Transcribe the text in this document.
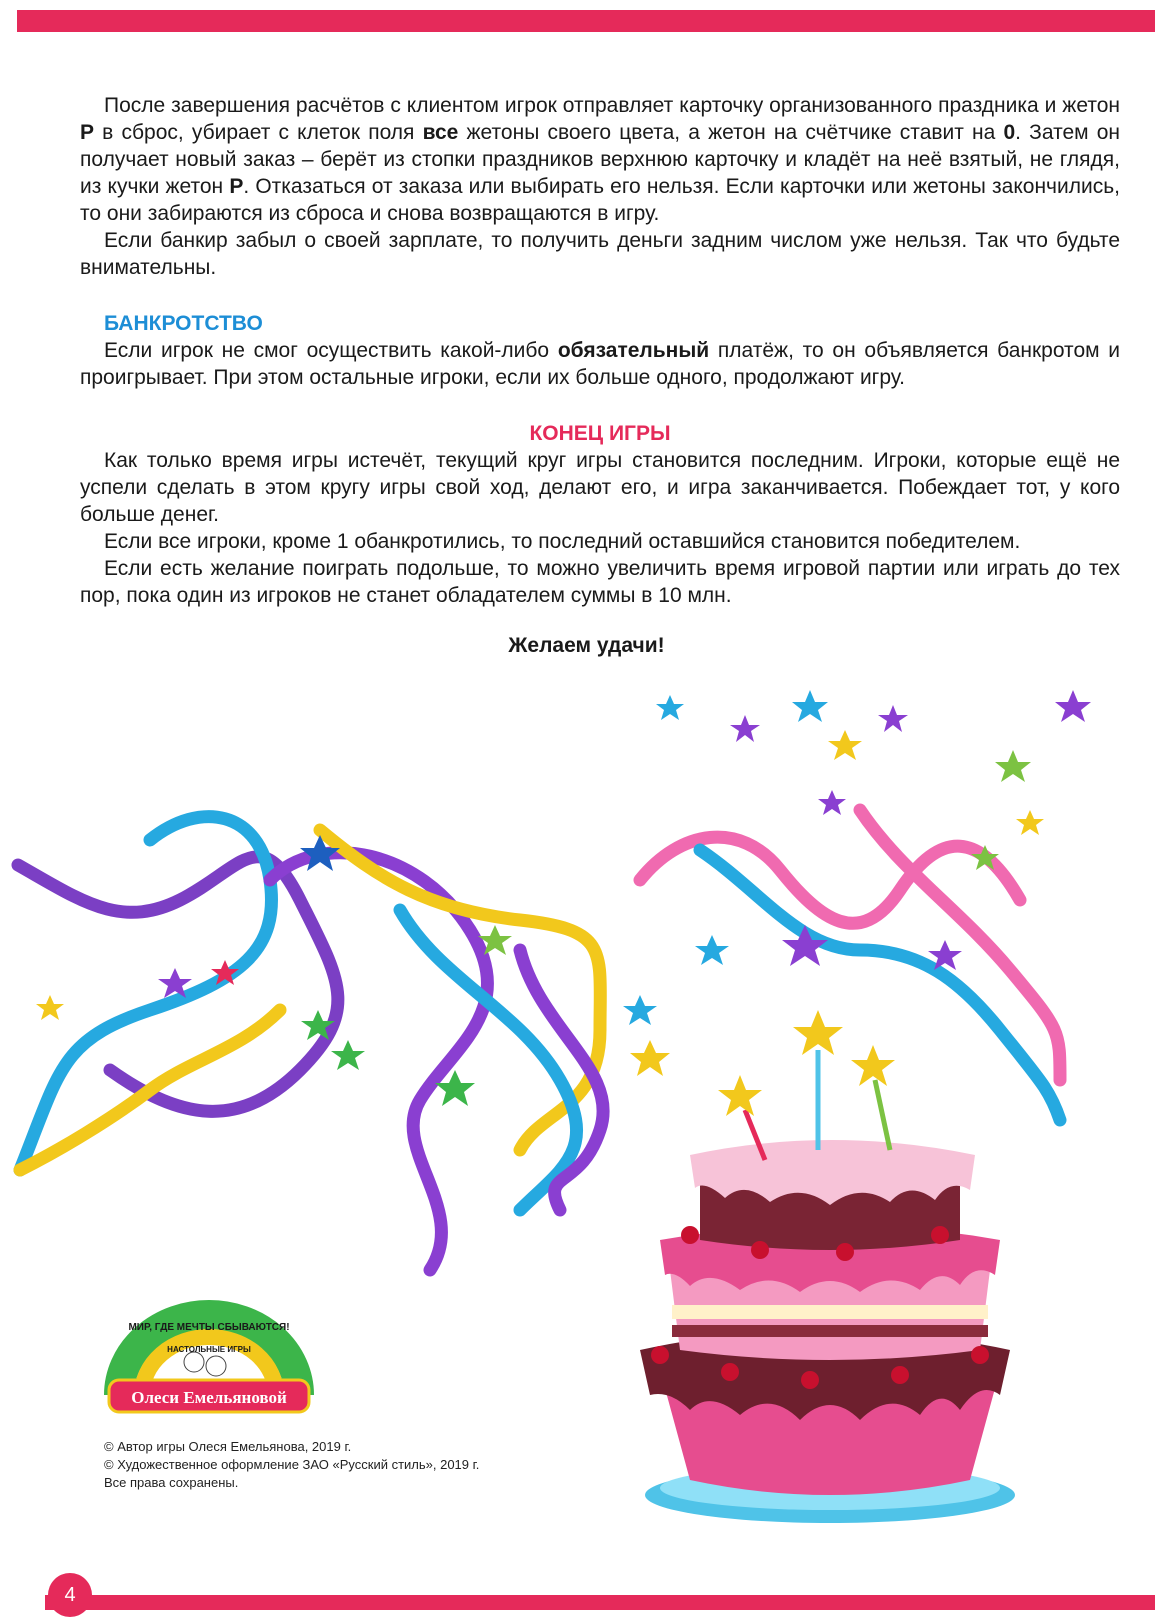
После завершения расчётов с клиентом игрок отправляет карточку организованного праздника и жетон Р в сброс, убирает с клеток поля все жетоны своего цвета, а жетон на счётчике ставит на 0. Затем он получает новый заказ – берёт из стопки праздников верхнюю карточку и кладёт на неё взятый, не глядя, из кучки жетон Р. Отказаться от заказа или выбирать его нельзя. Если карточки или жетоны закончились, то они забираются из сброса и снова возвращаются в игру.

Если банкир забыл о своей зарплате, то получить деньги задним числом уже нельзя. Так что будьте внимательны.

БАНКРОТСТВО

Если игрок не смог осуществить какой-либо обязательный платёж, то он объявляется банкротом и проигрывает. При этом остальные игроки, если их больше одного, продолжают игру.

КОНЕЦ ИГРЫ

Как только время игры истечёт, текущий круг игры становится последним. Игроки, которые ещё не успели сделать в этом кругу игры свой ход, делают его, и игра заканчивается. Побеждает тот, у кого больше денег.

Если все игроки, кроме 1 обанкротились, то последний оставшийся становится победителем.

Если есть желание поиграть подольше, то можно увеличить время игровой партии или играть до тех пор, пока один из игроков не станет обладателем суммы в 10 млн.

Желаем удачи!
Олеси Емельяновой
МИР, ГДЕ МЕЧТЫ СБЫВАЮТСЯ!
НАСТОЛЬНЫЕ ИГРЫ
© Автор игры Олеся Емельянова, 2019 г.
© Художественное оформление ЗАО «Русский стиль», 2019 г.
Все права сохранены.
4
